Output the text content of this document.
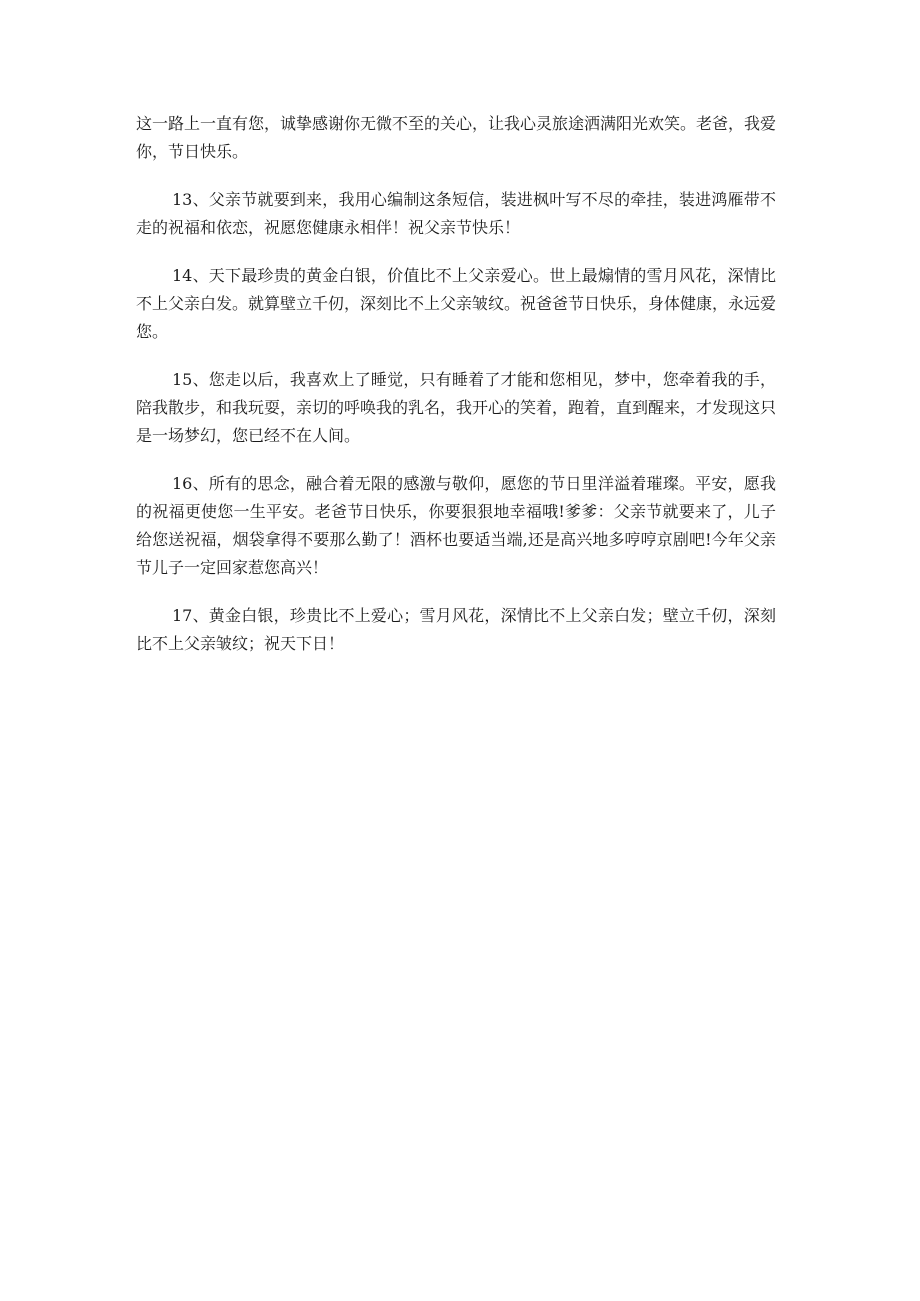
这一路上一直有您，诚挚感谢你无微不至的关心，让我心灵旅途洒满阳光欢笑。老爸，我爱你，节日快乐。

13、父亲节就要到来，我用心编制这条短信，装进枫叶写不尽的牵挂，装进鸿雁带不走的祝福和依恋，祝愿您健康永相伴！祝父亲节快乐！

14、天下最珍贵的黄金白银，价值比不上父亲爱心。世上最煽情的雪月风花，深情比不上父亲白发。就算壁立千仞，深刻比不上父亲皱纹。祝爸爸节日快乐，身体健康，永远爱您。

15、您走以后，我喜欢上了睡觉，只有睡着了才能和您相见，梦中，您牵着我的手，陪我散步，和我玩耍，亲切的呼唤我的乳名，我开心的笑着，跑着，直到醒来，才发现这只是一场梦幻，您已经不在人间。

16、所有的思念，融合着无限的感激与敬仰，愿您的节日里洋溢着璀璨。平安，愿我的祝福更使您一生平安。老爸节日快乐，你要狠狠地幸福哦!爹爹：父亲节就要来了，儿子给您送祝福，烟袋拿得不要那么勤了！酒杯也要适当端,还是高兴地多哼哼京剧吧!今年父亲节儿子一定回家惹您高兴！

17、黄金白银，珍贵比不上爱心；雪月风花，深情比不上父亲白发；壁立千仞，深刻比不上父亲皱纹；祝天下日！
